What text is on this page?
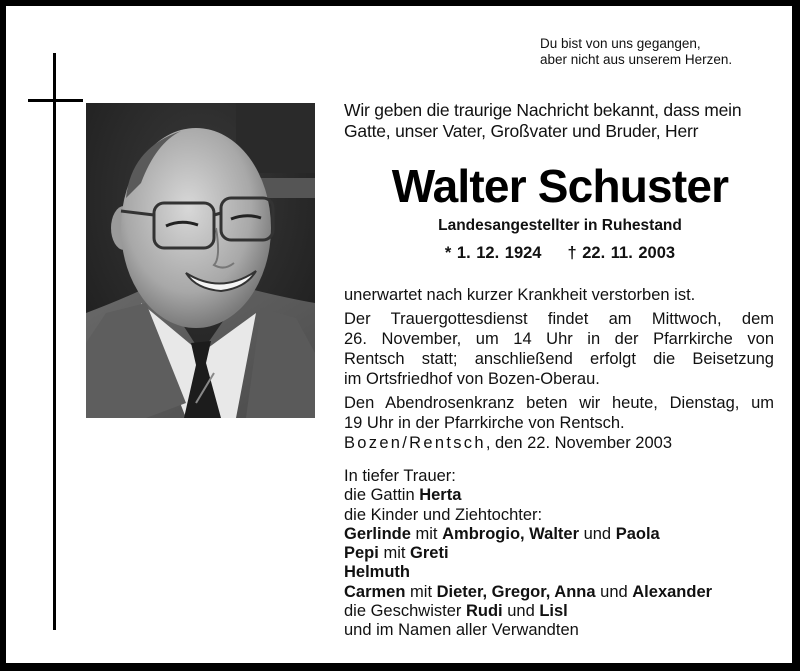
Du bist von uns gegangen,
aber nicht aus unserem Herzen.
Wir geben die traurige Nachricht bekannt, dass mein
Gatte, unser Vater, Großvater und Bruder, Herr
Walter Schuster
Landesangestellter in Ruhestand
* 1. 12. 1924 † 22. 11. 2003
unerwartet nach kurzer Krankheit verstorben ist.
Der Trauergottesdienst findet am Mittwoch, dem
26. November, um 14 Uhr in der Pfarrkirche von
Rentsch statt; anschließend erfolgt die Beisetzung
im Ortsfriedhof von Bozen-Oberau.
Den Abendrosenkranz beten wir heute, Dienstag, um
19 Uhr in der Pfarrkirche von Rentsch.
Bozen/Rentsch, den 22. November 2003
In tiefer Trauer:
die Gattin Herta
die Kinder und Ziehtochter:
Gerlinde mit Ambrogio, Walter und Paola
Pepi mit Greti
Helmuth
Carmen mit Dieter, Gregor, Anna und Alexander
die Geschwister Rudi und Lisl
und im Namen aller Verwandten
